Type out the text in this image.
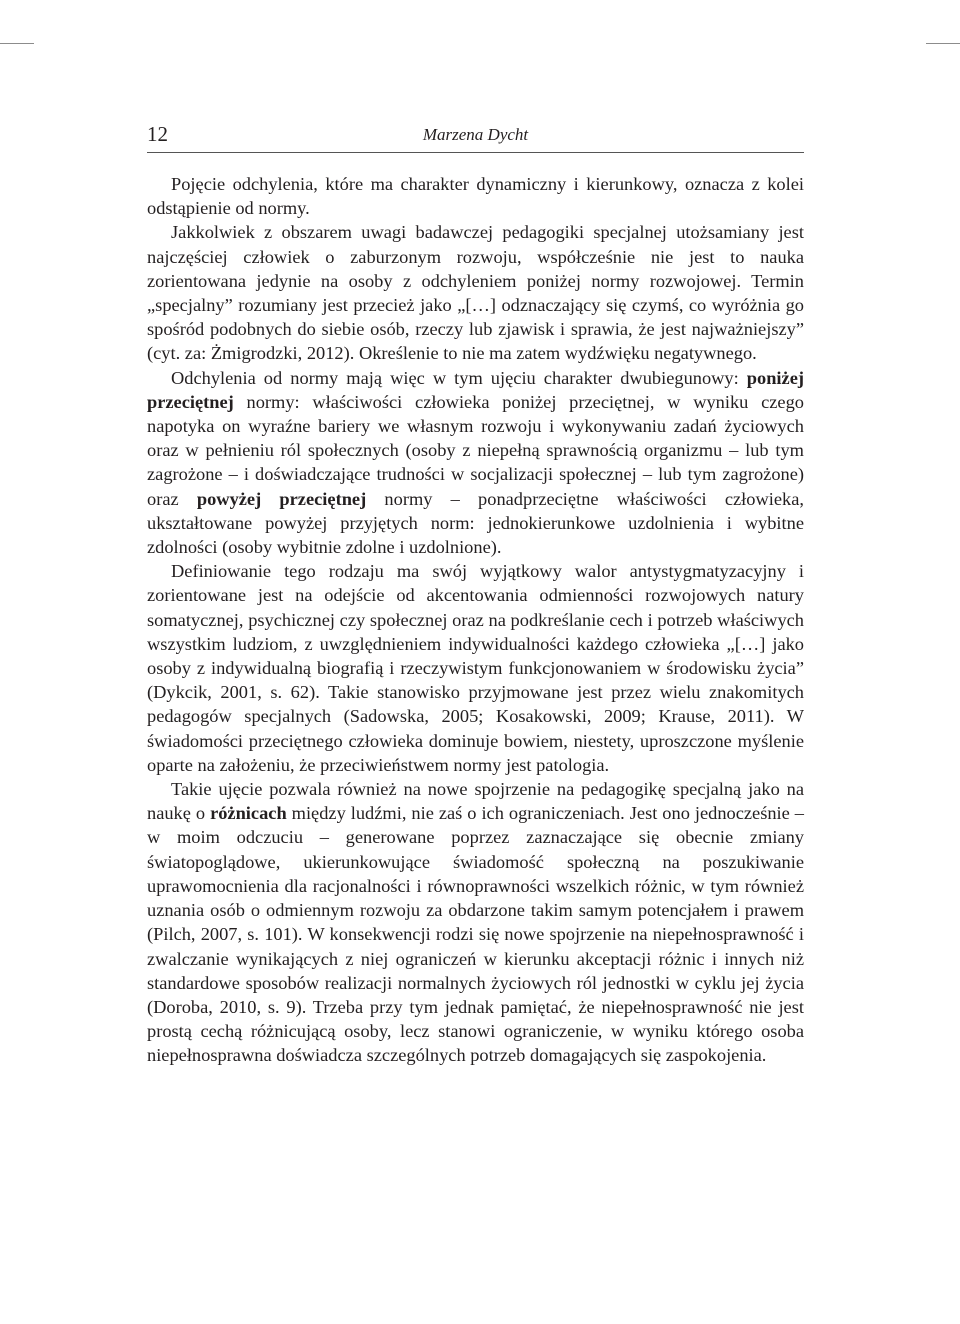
12	Marzena Dycht

Pojęcie odchylenia, które ma charakter dynamiczny i kierunkowy, oznacza z kolei odstąpienie od normy.

Jakkolwiek z obszarem uwagi badawczej pedagogiki specjalnej utożsamiany jest najczęściej człowiek o zaburzonym rozwoju, współcześnie nie jest to nauka zorientowana jedynie na osoby z odchyleniem poniżej normy rozwojowej. Termin „specjalny” rozumiany jest przecież jako „[…] odznaczający się czymś, co wyróżnia go spośród podobnych do siebie osób, rzeczy lub zjawisk i sprawia, że jest najważniejszy” (cyt. za: Żmigrodzki, 2012). Określenie to nie ma zatem wydźwięku negatywnego.

Odchylenia od normy mają więc w tym ujęciu charakter dwubiegunowy: poniżej przeciętnej normy: właściwości człowieka poniżej przeciętnej, w wyniku czego napotyka on wyraźne bariery we własnym rozwoju i wykonywaniu zadań życiowych oraz w pełnieniu ról społecznych (osoby z niepełną sprawnością organizmu – lub tym zagrożone – i doświadczające trudności w socjalizacji społecznej – lub tym zagrożone) oraz powyżej przeciętnej normy – ponadprzeciętne właściwości człowieka, ukształtowane powyżej przyjętych norm: jednokierunkowe uzdolnienia i wybitne zdolności (osoby wybitnie zdolne i uzdolnione).

Definiowanie tego rodzaju ma swój wyjątkowy walor antystygmatyzacyjny i zorientowane jest na odejście od akcentowania odmienności rozwojowych natury somatycznej, psychicznej czy społecznej oraz na podkreślanie cech i potrzeb właściwych wszystkim ludziom, z uwzględnieniem indywidualności każdego człowieka „[…] jako osoby z indywidualną biografią i rzeczywistym funkcjonowaniem w środowisku życia” (Dykcik, 2001, s. 62). Takie stanowisko przyjmowane jest przez wielu znakomitych pedagogów specjalnych (Sadowska, 2005; Kosakowski, 2009; Krause, 2011). W świadomości przeciętnego człowieka dominuje bowiem, niestety, uproszczone myślenie oparte na założeniu, że przeciwieństwem normy jest patologia.

Takie ujęcie pozwala również na nowe spojrzenie na pedagogikę specjalną jako na naukę o różnicach między ludźmi, nie zaś o ich ograniczeniach. Jest ono jednocześnie – w moim odczuciu – generowane poprzez zaznaczające się obecnie zmiany światopoglądowe, ukierunkowujące świadomość społeczną na poszukiwanie uprawomocnienia dla racjonalności i równoprawności wszelkich różnic, w tym również uznania osób o odmiennym rozwoju za obdarzone takim samym potencjałem i prawem (Pilch, 2007, s. 101). W konsekwencji rodzi się nowe spojrzenie na niepełnosprawność i zwalczanie wynikających z niej ograniczeń w kierunku akceptacji różnic i innych niż standardowe sposobów realizacji normalnych życiowych ról jednostki w cyklu jej życia (Doroba, 2010, s. 9). Trzeba przy tym jednak pamiętać, że niepełnosprawność nie jest prostą cechą różnicującą osoby, lecz stanowi ograniczenie, w wyniku którego osoba niepełnosprawna doświadcza szczególnych potrzeb domagających się zaspokojenia.
